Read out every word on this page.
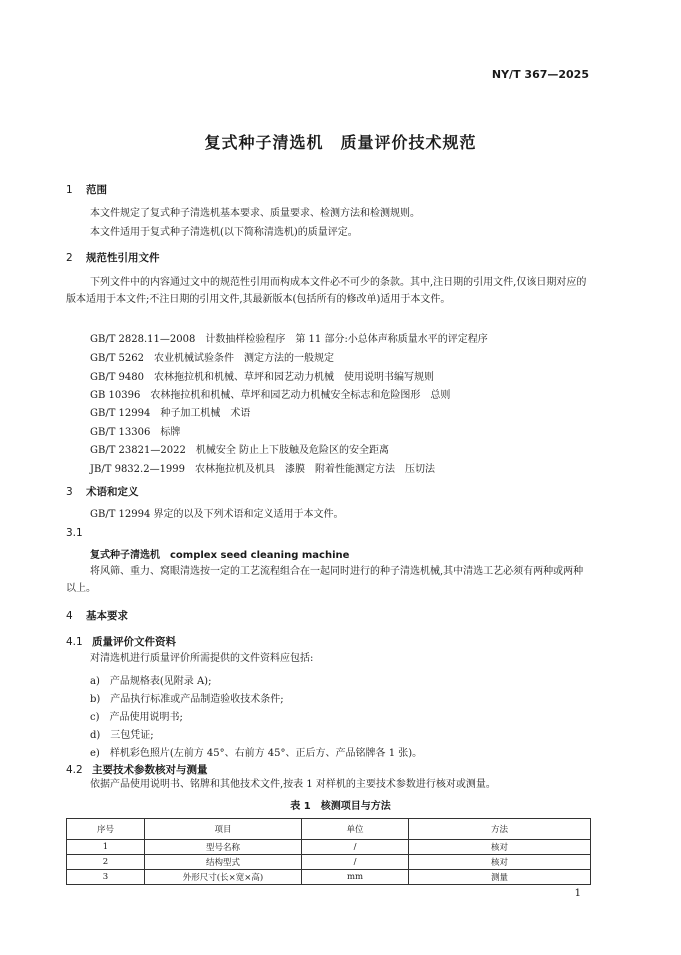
NY/T 367—2025
复式种子清选机　质量评价技术规范
1 范围
本文件规定了复式种子清选机基本要求、质量要求、检测方法和检测规则。
本文件适用于复式种子清选机(以下简称清选机)的质量评定。
2 规范性引用文件
下列文件中的内容通过文中的规范性引用而构成本文件必不可少的条款。其中,注日期的引用文件,仅该日期对应的版本适用于本文件;不注日期的引用文件,其最新版本(包括所有的修改单)适用于本文件。
GB/T 2828.11—2008　计数抽样检验程序　第 11 部分:小总体声称质量水平的评定程序
GB/T 5262　农业机械试验条件　测定方法的一般规定
GB/T 9480　农林拖拉机和机械、草坪和园艺动力机械　使用说明书编写规则
GB 10396　农林拖拉机和机械、草坪和园艺动力机械安全标志和危险图形　总则
GB/T 12994　种子加工机械　术语
GB/T 13306　标牌
GB/T 23821—2022　机械安全 防止上下肢触及危险区的安全距离
JB/T 9832.2—1999　农林拖拉机及机具　漆膜　附着性能测定方法　压切法
3 术语和定义
GB/T 12994 界定的以及下列术语和定义适用于本文件。
3.1
复式种子清选机　complex seed cleaning machine
将风筛、重力、窝眼清选按一定的工艺流程组合在一起同时进行的种子清选机械,其中清选工艺必须有两种或两种以上。
4 基本要求
4.1 质量评价文件资料
对清选机进行质量评价所需提供的文件资料应包括:
a)　产品规格表(见附录 A);
b)　产品执行标准或产品制造验收技术条件;
c)　产品使用说明书;
d)　三包凭证;
e)　样机彩色照片(左前方 45°、右前方 45°、正后方、产品铭牌各 1 张)。
4.2 主要技术参数核对与测量
依据产品使用说明书、铭牌和其他技术文件,按表 1 对样机的主要技术参数进行核对或测量。
表 1　核测项目与方法
序号	项目	单位	方法
1	型号名称	/	核对
2	结构型式	/	核对
3	外形尺寸(长×宽×高)	mm	测量
1
